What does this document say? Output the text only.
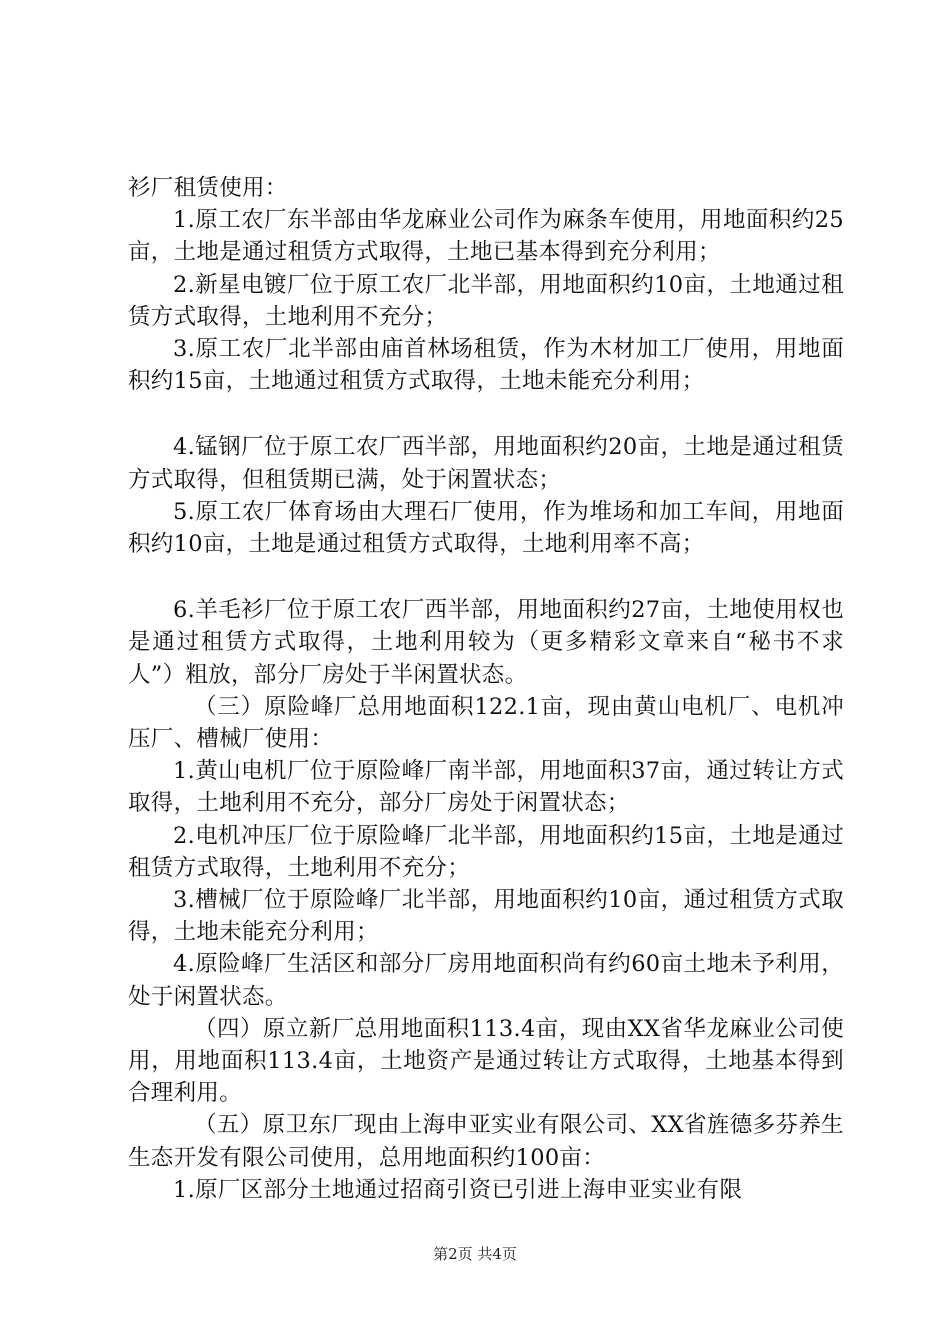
衫厂租赁使用：

1.原工农厂东半部由华龙麻业公司作为麻条车使用，用地面积约25亩，土地是通过租赁方式取得，土地已基本得到充分利用；

2.新星电镀厂位于原工农厂北半部，用地面积约10亩，土地通过租赁方式取得，土地利用不充分；

3.原工农厂北半部由庙首林场租赁，作为木材加工厂使用，用地面积约15亩，土地通过租赁方式取得，土地未能充分利用；

4.锰钢厂位于原工农厂西半部，用地面积约20亩，土地是通过租赁方式取得，但租赁期已满，处于闲置状态；

5.原工农厂体育场由大理石厂使用，作为堆场和加工车间，用地面积约10亩，土地是通过租赁方式取得，土地利用率不高；

6.羊毛衫厂位于原工农厂西半部，用地面积约27亩，土地使用权也是通过租赁方式取得，土地利用较为（更多精彩文章来自“秘书不求人”）粗放，部分厂房处于半闲置状态。

（三）原险峰厂总用地面积122.1亩，现由黄山电机厂、电机冲压厂、槽械厂使用：

1.黄山电机厂位于原险峰厂南半部，用地面积37亩，通过转让方式取得，土地利用不充分，部分厂房处于闲置状态；

2.电机冲压厂位于原险峰厂北半部，用地面积约15亩，土地是通过租赁方式取得，土地利用不充分；

3.槽械厂位于原险峰厂北半部，用地面积约10亩，通过租赁方式取得，土地未能充分利用；

4.原险峰厂生活区和部分厂房用地面积尚有约60亩土地未予利用，处于闲置状态。

（四）原立新厂总用地面积113.4亩，现由XX省华龙麻业公司使用，用地面积113.4亩，土地资产是通过转让方式取得，土地基本得到合理利用。

（五）原卫东厂现由上海申亚实业有限公司、XX省旌德多芬养生生态开发有限公司使用，总用地面积约100亩：

1.原厂区部分土地通过招商引资已引进上海申亚实业有限

第2页 共4页
